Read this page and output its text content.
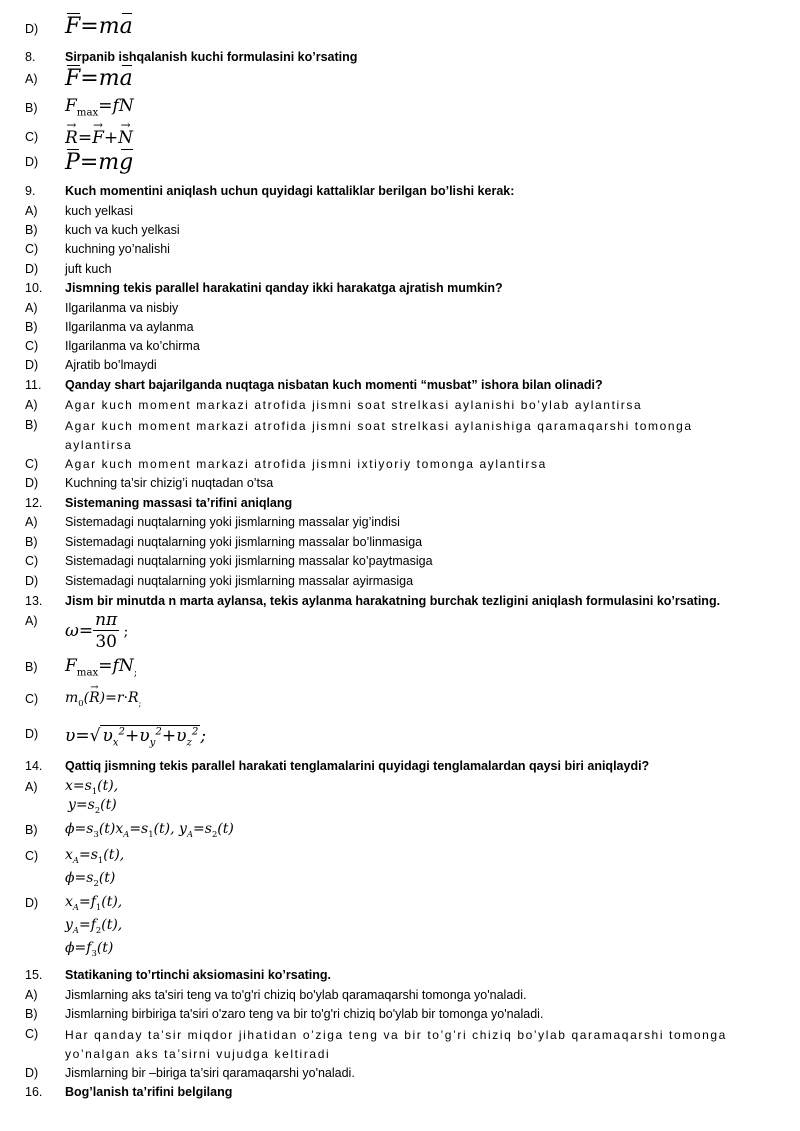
D) F=ma
8. Sirpanib ishqalanish kuchi formulasini ko’rsating
A) F=ma
B) $F_{max}=fN$
C)
→ R=→ F+→ N
D) P=mg
9. Kuch momentini aniqlash uchun quyidagi kattaliklar berilgan bo’lishi kerak:
A) kuch yelkasi
B) kuch va kuch yelkasi
C) kuchning yo’nalishi
D) juft kuch
10. Jismning tekis parallel harakatini qanday ikki harakatga ajratish mumkin?
A) Ilgarilanma va nisbiy
B) Ilgarilanma va aylanma
C) Ilgarilanma va ko’chirma
D) Ajratib bo’lmaydi
11. Qanday shart bajarilganda nuqtaga nisbatan kuch momenti “musbat” ishora bilan olinadi?
A) Agar kuch moment markazi atrofida jismni soat strelkasi aylanishi bo’ylab aylantirsa
B) Agar kuch moment markazi atrofida jismni soat strelkasi aylanishiga qaramaqarshi tomonga aylantirsa
C) Agar kuch moment markazi atrofida jismni ixtiyoriy tomonga aylantirsa
D) Kuchning ta’sir chizig’i nuqtadan o’tsa
12. Sistemaning massasi ta’rifini aniqlang
A) Sistemadagi nuqtalarning yoki jismlarning massalar yig’indisi
B) Sistemadagi nuqtalarning yoki jismlarning massalar bo’linmasiga
C) Sistemadagi nuqtalarning yoki jismlarning massalar ko’paytmasiga
D) Sistemadagi nuqtalarning yoki jismlarning massalar ayirmasiga
13. Jism bir minutda n marta aylansa, tekis aylanma harakatning burchak tezligini aniqlash formulasini ko’rsating.
A) $\omega= \frac{n\pi}{30}$ ;
B) $F_{max}=fN_;$
C) $m_0(\to R)=r\cdot R_;$
D) υ=√ $\upsilon_x^2+\upsilon_y^2+\upsilon_z^2$ ;
14. Qattiq jismning tekis parallel harakati tenglamalarini quyidagi tenglamalardan qaysi biri aniqlaydi?
A) $x=s_1(t)$,
$y=s_2(t)$
B) $\phi=s_3(t)x_A=s_1(t)$, $y_A=s_2(t)$
C) $x_A=s_1(t)$,
$\phi=s_2(t)$
D) $x_A=f_1(t)$,
$y_A=f_2(t)$,
$\phi=f_3(t)$
15. Statikaning to’rtinchi aksiomasini ko’rsating.
A) Jismlarning aks ta'siri teng va to'g'ri chiziq bo'ylab qaramaqarshi tomonga yo'naladi.
B) Jismlarning birbiriga ta'siri o'zaro teng va bir to'g'ri chiziq bo'ylab bir tomonga yo'naladi.
C) Har qanday ta’sir miqdor jihatidan o’ziga teng va bir to’g’ri chiziq bo’ylab qaramaqarshi tomonga yo’nalgan aks ta’sirni vujudga keltiradi
D) Jismlarning bir –biriga ta’siri qaramaqarshi yo'naladi.
16. Bog’lanish ta’rifini belgilang
